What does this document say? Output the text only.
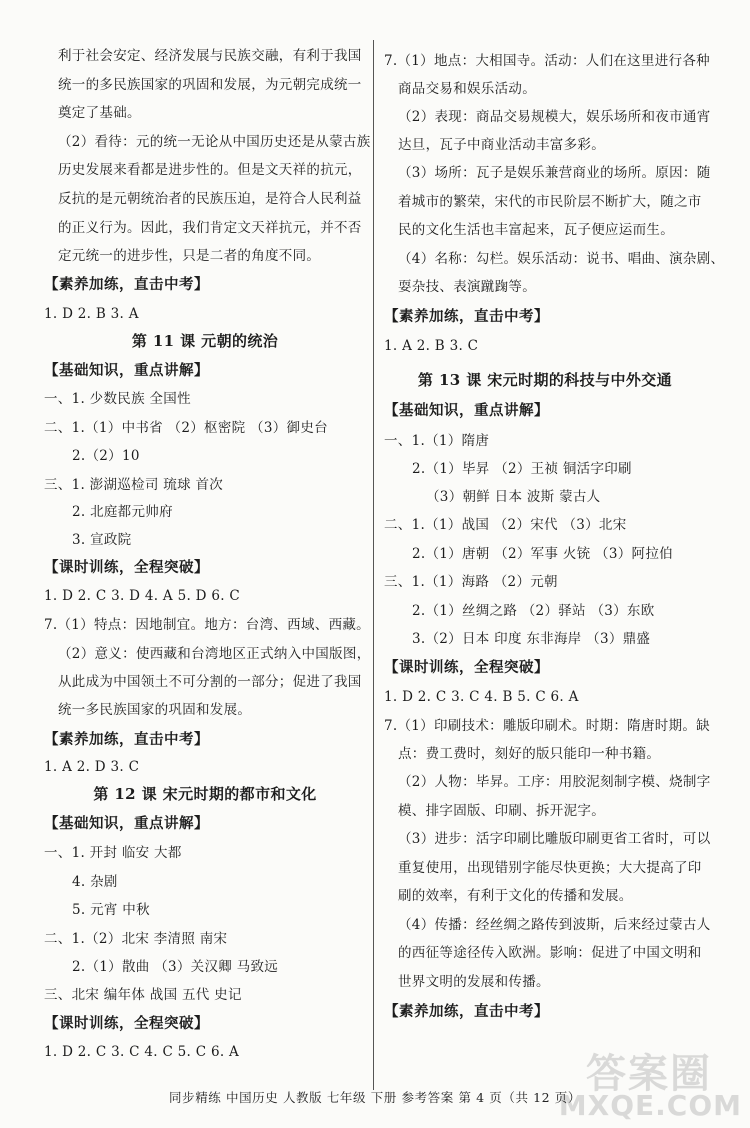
利于社会安定、经济发展与民族交融，有利于我国
统一的多民族国家的巩固和发展，为元朝完成统一
奠定了基础。
（2）看待：元的统一无论从中国历史还是从蒙古族
历史发展来看都是进步性的。但是文天祥的抗元，
反抗的是元朝统治者的民族压迫，是符合人民利益
的正义行为。因此，我们肯定文天祥抗元，并不否
定元统一的进步性，只是二者的角度不同。
【素养加练，直击中考】
1. D 2. B 3. A
第 11 课 元朝的统治
【基础知识，重点讲解】
一、1. 少数民族 全国性
二、1.（1）中书省 （2）枢密院 （3）御史台
2.（2）10
三、1. 澎湖巡检司 琉球 首次
2. 北庭都元帅府
3. 宣政院
【课时训练，全程突破】
1. D 2. C 3. D 4. A 5. D 6. C
7.（1）特点：因地制宜。地方：台湾、西域、西藏。
（2）意义：使西藏和台湾地区正式纳入中国版图，
从此成为中国领土不可分割的一部分；促进了我国
统一多民族国家的巩固和发展。
【素养加练，直击中考】
1. A 2. D 3. C
第 12 课 宋元时期的都市和文化
【基础知识，重点讲解】
一、1. 开封 临安 大都
4. 杂剧
5. 元宵 中秋
二、1.（2）北宋 李清照 南宋
2.（1）散曲 （3）关汉卿 马致远
三、北宋 编年体 战国 五代 史记
【课时训练，全程突破】
1. D 2. C 3. C 4. C 5. C 6. A
7.（1）地点：大相国寺。活动：人们在这里进行各种
商品交易和娱乐活动。
（2）表现：商品交易规模大，娱乐场所和夜市通宵
达旦，瓦子中商业活动丰富多彩。
（3）场所：瓦子是娱乐兼营商业的场所。原因：随
着城市的繁荣，宋代的市民阶层不断扩大，随之市
民的文化生活也丰富起来，瓦子便应运而生。
（4）名称：勾栏。娱乐活动：说书、唱曲、演杂剧、
耍杂技、表演蹴踘等。
【素养加练，直击中考】
1. A 2. B 3. C
第 13 课 宋元时期的科技与中外交通
【基础知识，重点讲解】
一、1.（1）隋唐
2.（1）毕昇 （2）王祯 铜活字印刷
（3）朝鲜 日本 波斯 蒙古人
二、1.（1）战国 （2）宋代 （3）北宋
2.（1）唐朝 （2）军事 火铳 （3）阿拉伯
三、1.（1）海路 （2）元朝
2.（1）丝绸之路 （2）驿站 （3）东欧
3.（2）日本 印度 东非海岸 （3）鼎盛
【课时训练，全程突破】
1. D 2. C 3. C 4. B 5. C 6. A
7.（1）印刷技术：雕版印刷术。时期：隋唐时期。缺
点：费工费时，刻好的版只能印一种书籍。
（2）人物：毕昇。工序：用胶泥刻制字模、烧制字
模、排字固版、印刷、拆开泥字。
（3）进步：活字印刷比雕版印刷更省工省时，可以
重复使用，出现错别字能尽快更换；大大提高了印
刷的效率，有利于文化的传播和发展。
（4）传播：经丝绸之路传到波斯，后来经过蒙古人
的西征等途径传入欧洲。影响：促进了中国文明和
世界文明的发展和传播。
【素养加练，直击中考】
同步精练 中国历史 人教版 七年级 下册 参考答案 第 4 页（共 12 页）
答案圈
MXQE.COM
